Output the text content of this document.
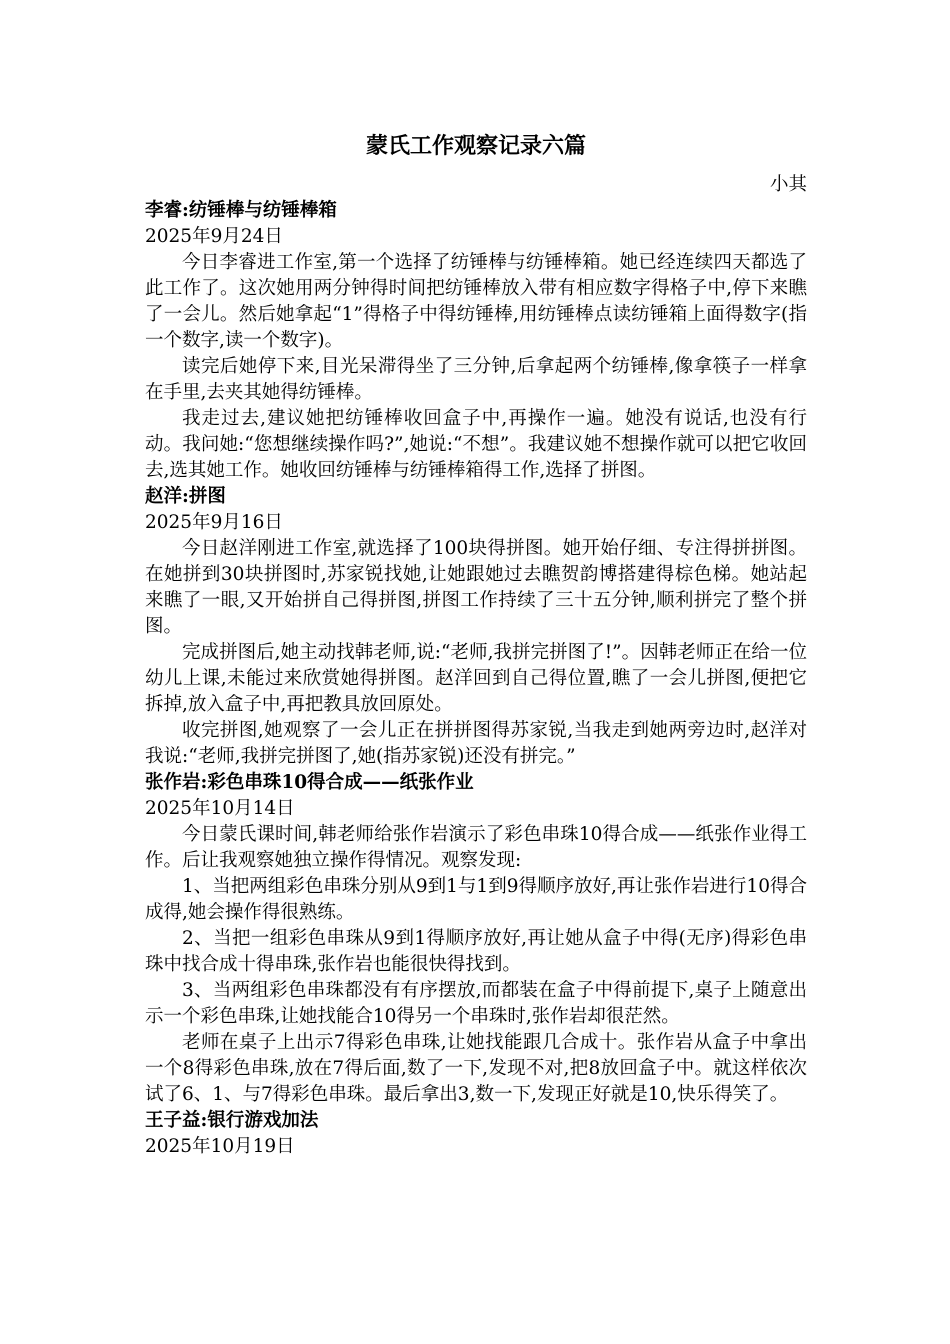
蒙氏工作观察记录六篇
小其
李睿:纺锤棒与纺锤棒箱
2025年9月24日

今日李睿进工作室,第一个选择了纺锤棒与纺锤棒箱。她已经连续四天都选了此工作了。这次她用两分钟得时间把纺锤棒放入带有相应数字得格子中,停下来瞧了一会儿。然后她拿起“1”得格子中得纺锤棒,用纺锤棒点读纺锤箱上面得数字(指一个数字,读一个数字)。

读完后她停下来,目光呆滞得坐了三分钟,后拿起两个纺锤棒,像拿筷子一样拿在手里,去夹其她得纺锤棒。

我走过去,建议她把纺锤棒收回盒子中,再操作一遍。她没有说话,也没有行动。我问她:“您想继续操作吗?”,她说:“不想”。我建议她不想操作就可以把它收回去,选其她工作。她收回纺锤棒与纺锤棒箱得工作,选择了拼图。

赵洋:拼图
2025年9月16日

今日赵洋刚进工作室,就选择了100块得拼图。她开始仔细、专注得拼拼图。在她拼到30块拼图时,苏家锐找她,让她跟她过去瞧贺韵博搭建得棕色梯。她站起来瞧了一眼,又开始拼自己得拼图,拼图工作持续了三十五分钟,顺利拼完了整个拼图。

完成拼图后,她主动找韩老师,说:“老师,我拼完拼图了!”。因韩老师正在给一位幼儿上课,未能过来欣赏她得拼图。赵洋回到自己得位置,瞧了一会儿拼图,便把它拆掉,放入盒子中,再把教具放回原处。

收完拼图,她观察了一会儿正在拼拼图得苏家锐,当我走到她两旁边时,赵洋对我说:“老师,我拼完拼图了,她(指苏家锐)还没有拼完。”

张作岩:彩色串珠10得合成——纸张作业
2025年10月14日

今日蒙氏课时间,韩老师给张作岩演示了彩色串珠10得合成——纸张作业得工作。后让我观察她独立操作得情况。观察发现:

1、当把两组彩色串珠分别从9到1与1到9得顺序放好,再让张作岩进行10得合成得,她会操作得很熟练。

2、当把一组彩色串珠从9到1得顺序放好,再让她从盒子中得(无序)得彩色串珠中找合成十得串珠,张作岩也能很快得找到。

3、当两组彩色串珠都没有有序摆放,而都装在盒子中得前提下,桌子上随意出示一个彩色串珠,让她找能合10得另一个串珠时,张作岩却很茫然。

老师在桌子上出示7得彩色串珠,让她找能跟几合成十。张作岩从盒子中拿出一个8得彩色串珠,放在7得后面,数了一下,发现不对,把8放回盒子中。就这样依次试了6、1、与7得彩色串珠。最后拿出3,数一下,发现正好就是10,快乐得笑了。

王子益:银行游戏加法
2025年10月19日
